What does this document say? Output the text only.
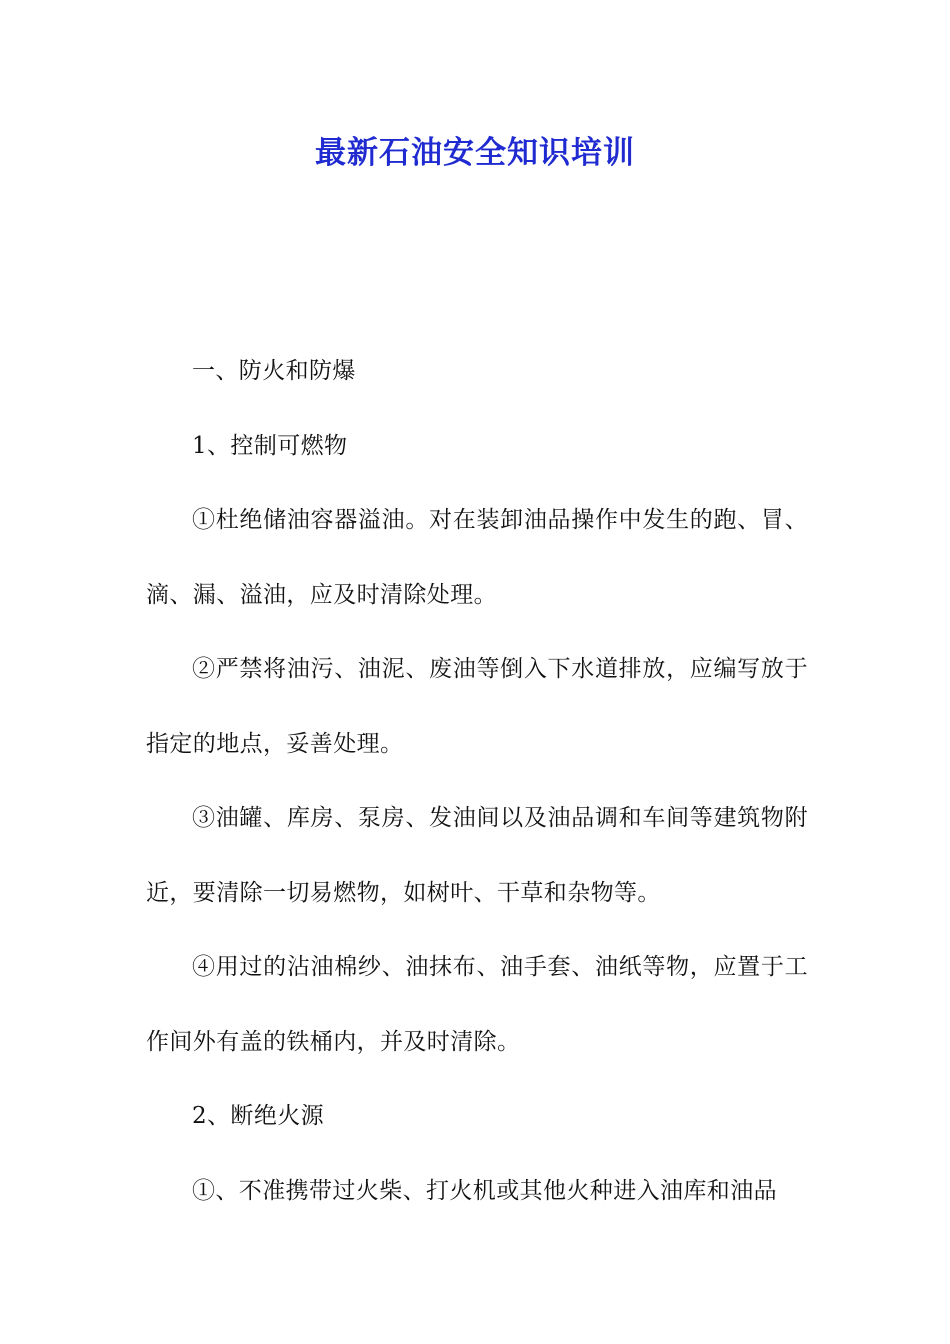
最新石油安全知识培训

一、防火和防爆

1、控制可燃物

①杜绝储油容器溢油。对在装卸油品操作中发生的跑、冒、滴、漏、溢油，应及时清除处理。

②严禁将油污、油泥、废油等倒入下水道排放，应编写放于指定的地点，妥善处理。

③油罐、库房、泵房、发油间以及油品调和车间等建筑物附近，要清除一切易燃物，如树叶、干草和杂物等。

④用过的沾油棉纱、油抹布、油手套、油纸等物，应置于工作间外有盖的铁桶内，并及时清除。

2、断绝火源

①、不准携带过火柴、打火机或其他火种进入油库和油品
